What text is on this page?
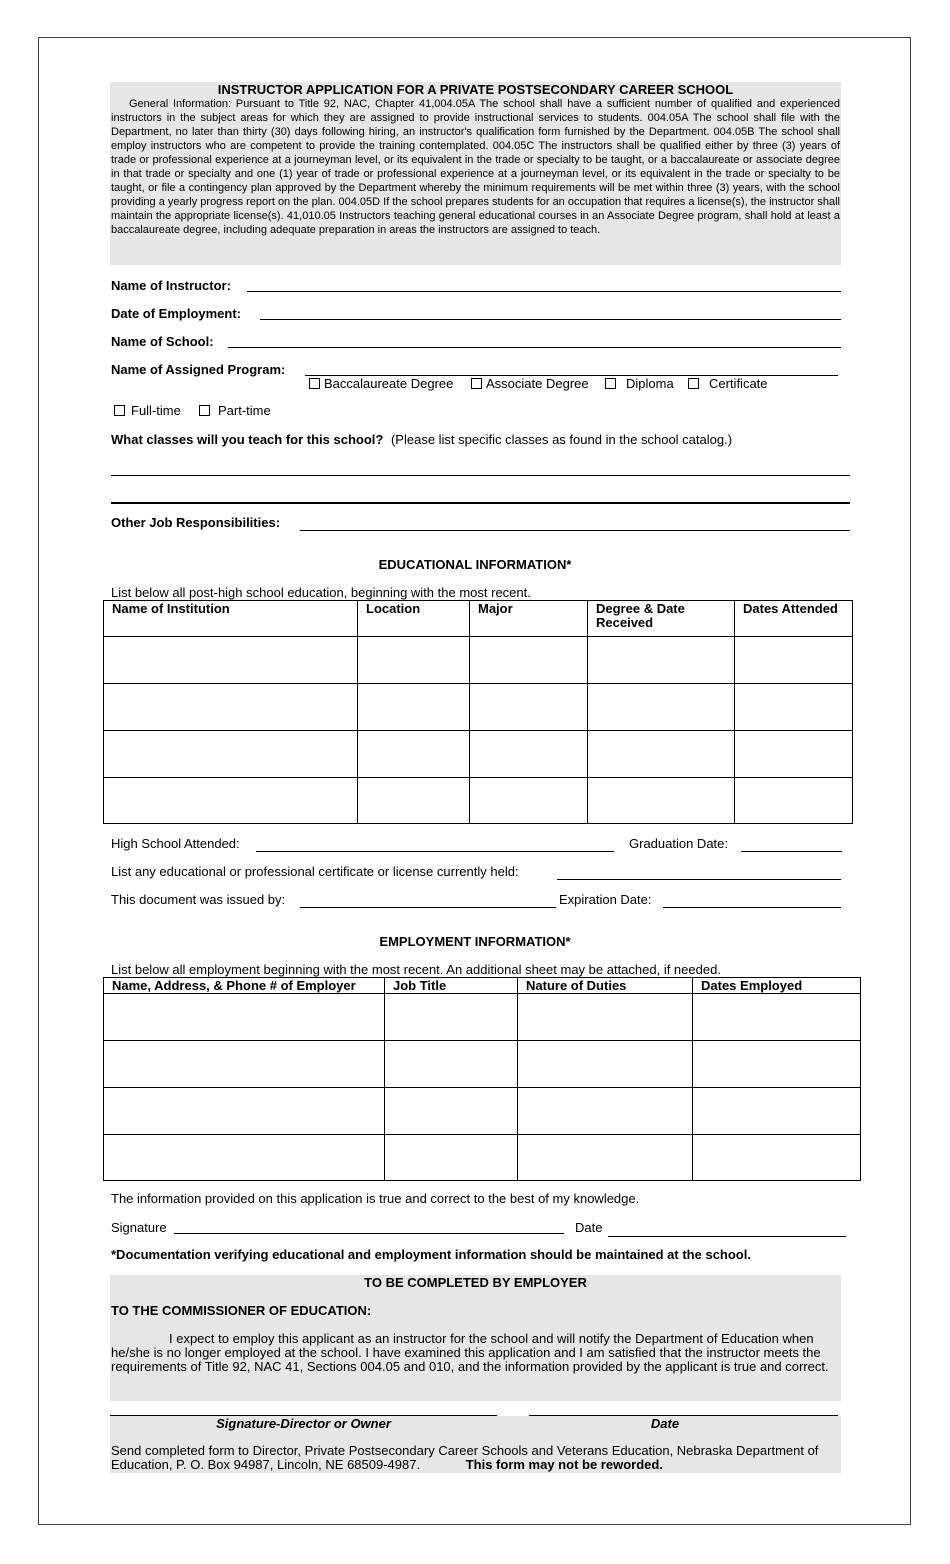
INSTRUCTOR APPLICATION FOR A PRIVATE POSTSECONDARY CAREER SCHOOL
General Information: Pursuant to Title 92, NAC, Chapter 41,004.05A The school shall have a sufficient number of qualified and experienced instructors in the subject areas for which they are assigned to provide instructional services to students. 004.05A The school shall file with the Department, no later than thirty (30) days following hiring, an instructor's qualification form furnished by the Department. 004.05B The school shall employ instructors who are competent to provide the training contemplated. 004.05C The instructors shall be qualified either by three (3) years of trade or professional experience at a journeyman level, or its equivalent in the trade or specialty to be taught, or a baccalaureate or associate degree in that trade or specialty and one (1) year of trade or professional experience at a journeyman level, or its equivalent in the trade or specialty to be taught, or file a contingency plan approved by the Department whereby the minimum requirements will be met within three (3) years, with the school providing a yearly progress report on the plan. 004.05D If the school prepares students for an occupation that requires a license(s), the instructor shall maintain the appropriate license(s). 41,010.05 Instructors teaching general educational courses in an Associate Degree program, shall hold at least a baccalaureate degree, including adequate preparation in areas the instructors are assigned to teach.
Name of Instructor:
Date of Employment:
Name of School:
Name of Assigned Program:
Baccalaureate Degree	Associate Degree	Diploma	Certificate
Full-time	Part-time
What classes will you teach for this school? (Please list specific classes as found in the school catalog.)
Other Job Responsibilities:
EDUCATIONAL INFORMATION*
List below all post-high school education, beginning with the most recent.
Name of Institution	Location	Major	Degree & Date Received	Dates Attended

High School Attended:	Graduation Date:
List any educational or professional certificate or license currently held:
This document was issued by:	Expiration Date:
EMPLOYMENT INFORMATION*
List below all employment beginning with the most recent. An additional sheet may be attached, if needed.
Name, Address, & Phone # of Employer	Job Title	Nature of Duties	Dates Employed

The information provided on this application is true and correct to the best of my knowledge.
Signature	Date
*Documentation verifying educational and employment information should be maintained at the school.
TO BE COMPLETED BY EMPLOYER
TO THE COMMISSIONER OF EDUCATION:
I expect to employ this applicant as an instructor for the school and will notify the Department of Education when he/she is no longer employed at the school. I have examined this application and I am satisfied that the instructor meets the requirements of Title 92, NAC 41, Sections 004.05 and 010, and the information provided by the applicant is true and correct.
Signature-Director or Owner	Date
Send completed form to Director, Private Postsecondary Career Schools and Veterans Education, Nebraska Department of Education, P. O. Box 94987, Lincoln, NE 68509-4987.	This form may not be reworded.
